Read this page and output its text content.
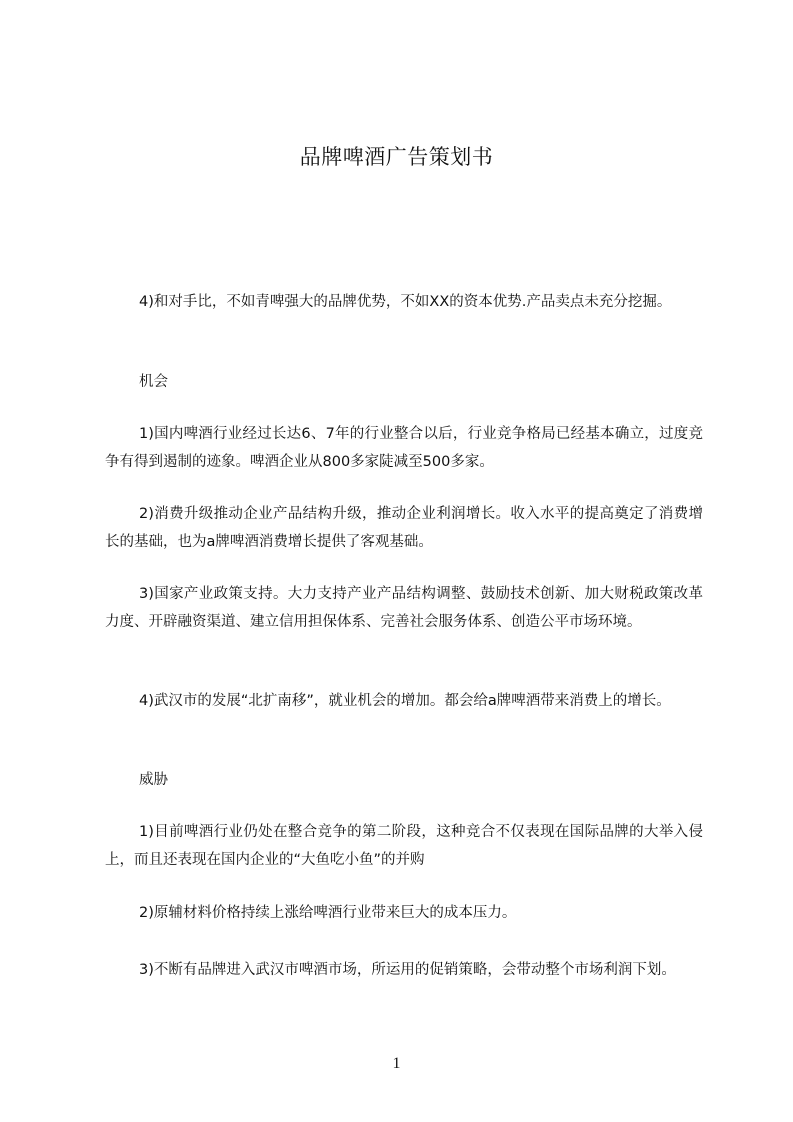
品牌啤酒广告策划书

4)和对手比，不如青啤强大的品牌优势，不如XX的资本优势.产品卖点未充分挖掘。

机会

1)国内啤酒行业经过长达6、7年的行业整合以后，行业竞争格局已经基本确立，过度竞争有得到遏制的迹象。啤酒企业从800多家陡减至500多家。

2)消费升级推动企业产品结构升级，推动企业利润增长。收入水平的提高奠定了消费增长的基础，也为a牌啤酒消费增长提供了客观基础。

3)国家产业政策支持。大力支持产业产品结构调整、鼓励技术创新、加大财税政策改革力度、开辟融资渠道、建立信用担保体系、完善社会服务体系、创造公平市场环境。

4)武汉市的发展“北扩南移”，就业机会的增加。都会给a牌啤酒带来消费上的增长。

威胁

1)目前啤酒行业仍处在整合竞争的第二阶段，这种竞合不仅表现在国际品牌的大举入侵上，而且还表现在国内企业的“大鱼吃小鱼”的并购

2)原辅材料价格持续上涨给啤酒行业带来巨大的成本压力。

3)不断有品牌进入武汉市啤酒市场，所运用的促销策略，会带动整个市场利润下划。

1
